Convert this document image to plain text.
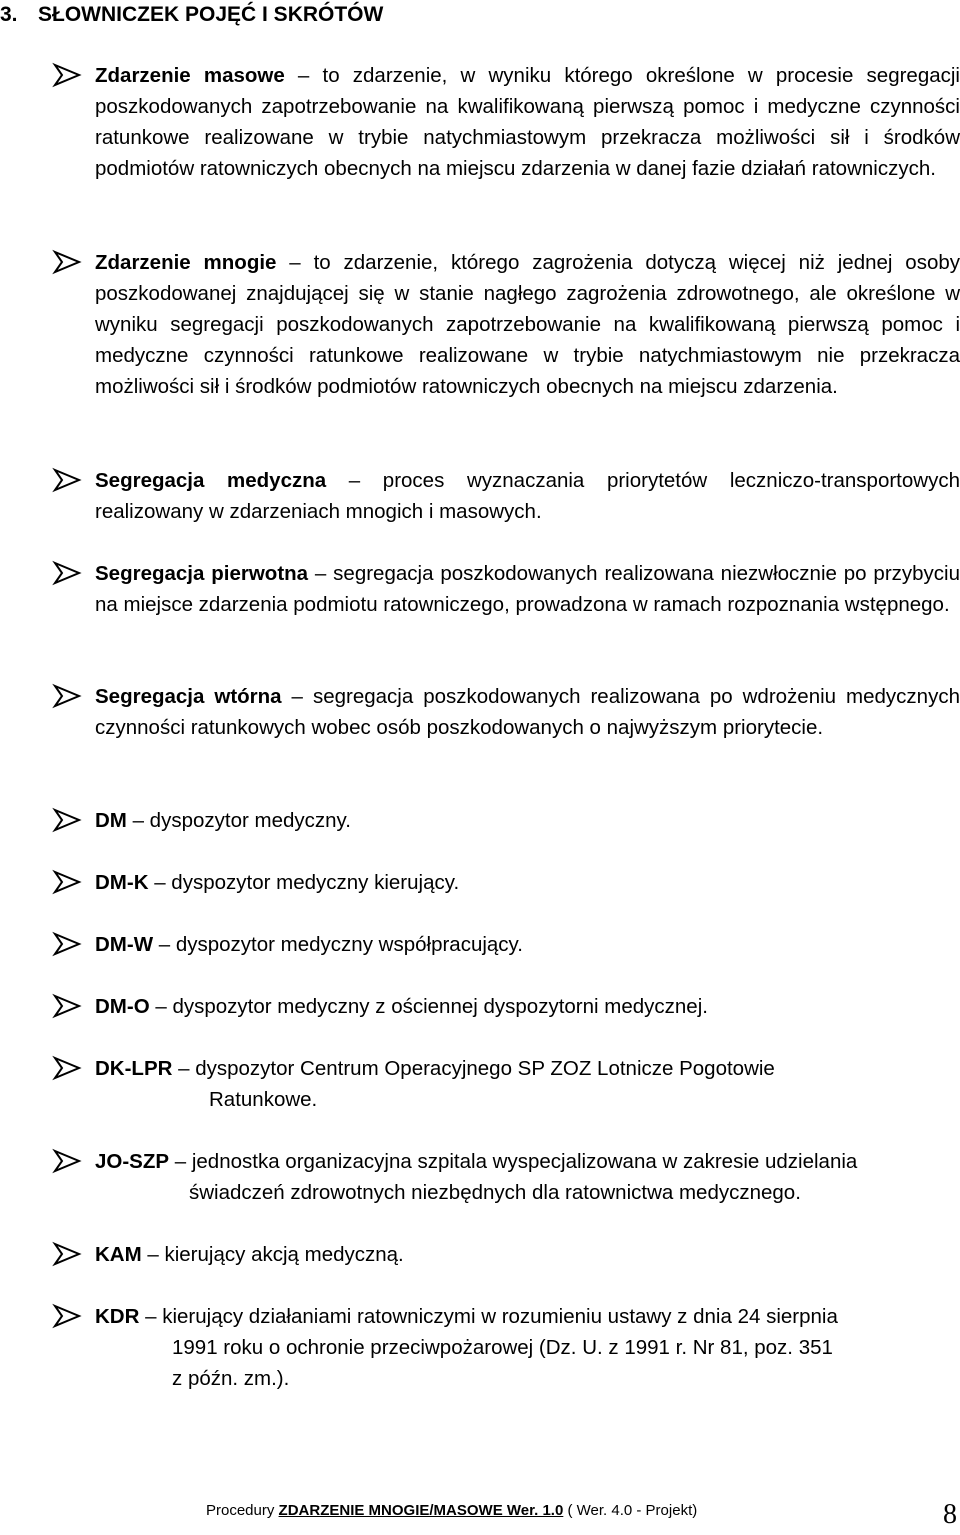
3. SŁOWNICZEK POJĘĆ I SKRÓTÓW
Zdarzenie masowe – to zdarzenie, w wyniku którego określone w procesie segregacji poszkodowanych zapotrzebowanie na kwalifikowaną pierwszą pomoc i medyczne czynności ratunkowe realizowane w trybie natychmiastowym przekracza możliwości sił i środków podmiotów ratowniczych obecnych na miejscu zdarzenia w danej fazie działań ratowniczych.
Zdarzenie mnogie – to zdarzenie, którego zagrożenia dotyczą więcej niż jednej osoby poszkodowanej znajdującej się w stanie nagłego zagrożenia zdrowotnego, ale określone w wyniku segregacji poszkodowanych zapotrzebowanie na kwalifikowaną pierwszą pomoc i medyczne czynności ratunkowe realizowane w trybie natychmiastowym nie przekracza możliwości sił i środków podmiotów ratowniczych obecnych na miejscu zdarzenia.
Segregacja medyczna – proces wyznaczania priorytetów leczniczo-transportowych realizowany w zdarzeniach mnogich i masowych.
Segregacja pierwotna – segregacja poszkodowanych realizowana niezwłocznie po przybyciu na miejsce zdarzenia podmiotu ratowniczego, prowadzona w ramach rozpoznania wstępnego.
Segregacja wtórna – segregacja poszkodowanych realizowana po wdrożeniu medycznych czynności ratunkowych wobec osób poszkodowanych o najwyższym priorytecie.
DM – dyspozytor medyczny.
DM-K – dyspozytor medyczny kierujący.
DM-W – dyspozytor medyczny współpracujący.
DM-O – dyspozytor medyczny z ościennej dyspozytorni medycznej.
DK-LPR – dyspozytor Centrum Operacyjnego SP ZOZ Lotnicze Pogotowie
Ratunkowe.
JO-SZP – jednostka organizacyjna szpitala wyspecjalizowana w zakresie udzielania
świadczeń zdrowotnych niezbędnych dla ratownictwa medycznego.
KAM – kierujący akcją medyczną.
KDR – kierujący działaniami ratowniczymi w rozumieniu ustawy z dnia 24 sierpnia
1991 roku o ochronie przeciwpożarowej (Dz. U. z 1991 r. Nr 81, poz. 351
z późn. zm.).
Procedury ZDARZENIE MNOGIE/MASOWE Wer. 1.0 ( Wer. 4.0 - Projekt)	8
